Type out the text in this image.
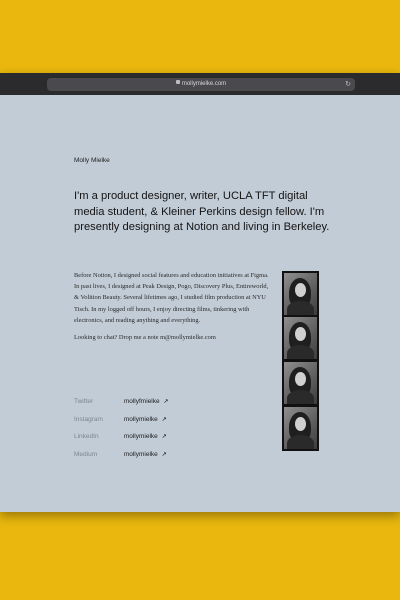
mollymielke.com	↻
Molly Mielke
I'm a product designer, writer, UCLA TFT digital media student, & Kleiner Perkins design fellow. I'm presently designing at Notion and living in Berkeley.

Before Notion, I designed social features and education initiatives at Figma. In past lives, I designed at Peak Design, Pogo, Discovery Plus, Entireworld, & Volition Beauty. Several lifetimes ago, I studied film production at NYU Tisch. In my logged off hours, I enjoy directing films, tinkering with electronics, and reading anything and everything.

Looking to chat? Drop me a note m@mollymielke.com

Twitter	mollyfmielke ↗
Instagram	mollymielke ↗
LinkedIn	mollymielke ↗
Medium	mollymielke ↗
